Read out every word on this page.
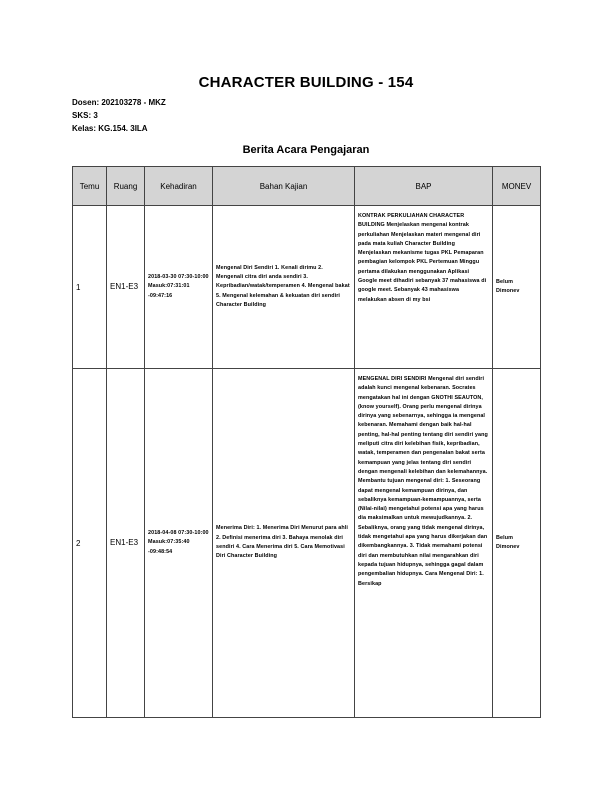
CHARACTER BUILDING - 154
Dosen: 202103278 - MKZ
SKS: 3
Kelas: KG.154. 3ILA
Berita Acara Pengajaran
Temu	Ruang	Kehadiran	Bahan Kajian	BAP	MONEV
1	EN1-E3	2018-03-30 07:30-10:00 Masuk:07:31:01 -09:47:16	Mengenal Diri Sendiri 1. Kenali dirimu 2. Mengenali citra diri anda sendiri 3. Kepribadian/watak/temperamen 4. Mengenal bakat 5. Mengenal kelemahan & kekuatan diri sendiri Character Building	KONTRAK PERKULIAHAN CHARACTER BUILDING Menjelaskan mengenai kontrak perkuliahan Menjelaskan materi mengenal diri pada mata kuliah Character Building Menjelaskan mekanisme tugas PKL Pemaparan pembagian kelompok PKL Pertemuan Minggu pertama dilakukan menggunakan Aplikasi Google meet dihadiri sebanyak 37 mahasiswa di google meet. Sebanyak 43 mahasiswa melakukan absen di my bsi	Belum Dimonev
2	EN1-E3	2018-04-08 07:30-10:00 Masuk:07:35:40 -09:48:54	Menerima Diri: 1. Menerima Diri Menurut para ahli 2. Definisi menerima diri 3. Bahaya menolak diri sendiri 4. Cara Menerima diri 5. Cara Memotivasi Diri Character Building	MENGENAL DIRI SENDIRI Mengenal diri sendiri adalah kunci mengenal kebenaran. Socrates mengatakan hal ini dengan GNOTHI SEAUTON, (know yourself). Orang perlu mengenal dirinya dirinya yang sebenarnya, sehingga ia mengenal kebenaran. Memahami dengan baik hal-hal penting, hal-hal penting tentang diri sendiri yang meliputi citra diri kelebihan fisik, kepribadian, watak, temperamen dan pengenalan bakat serta kemampuan yang jelas tentang diri sendiri dengan mengenali kelebihan dan kelemahannya. Membantu tujuan mengenal diri: 1. Seseorang dapat mengenal kemampuan dirinya, dan sebaliknya kemampuan-kemampuannya, serta (Nilai-nilai) mengetahui potensi apa yang harus dia maksimalkan untuk mewujudkannya. 2. Sebaliknya, orang yang tidak mengenal dirinya, tidak mengetahui apa yang harus dikerjakan dan dikembangkannya. 3. Tidak memahami potensi diri dan membutuhkan nilai mengarahkan diri kepada tujuan hidupnya, sehingga gagal dalam pengembalian hidupnya. Cara Mengenal Diri: 1. Bersikap	Belum Dimonev
